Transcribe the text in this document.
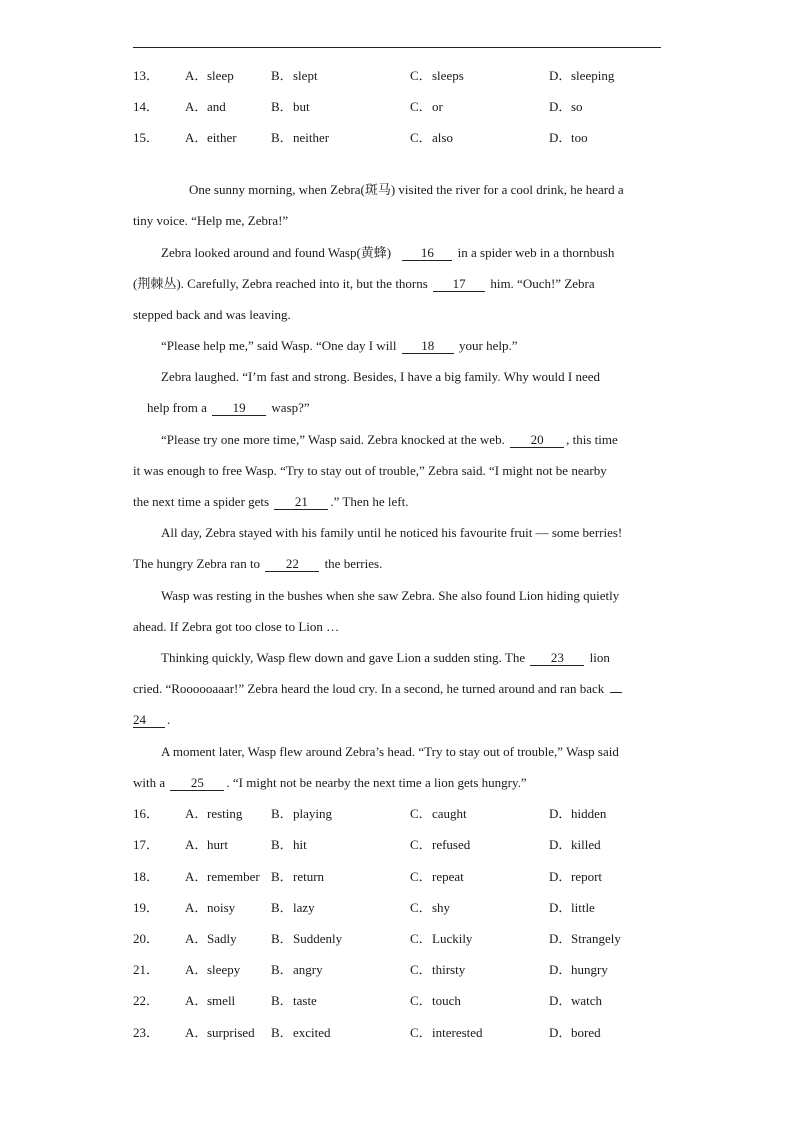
13． A．sleep	B．slept	C．sleeps	D．sleeping
14． A．and	B．but	C．or	D．so
15． A．either	B．neither	C．also	D．too
One sunny morning, when Zebra(斑马) visited the river for a cool drink, he heard a
tiny voice. “Help me, Zebra!”
Zebra looked around and found Wasp(黄蜂) 16 in a spider web in a thornbush
(荆棘丛). Carefully, Zebra reached into it, but the thorns 17 him. “Ouch!” Zebra
stepped back and was leaving.
“Please help me,” said Wasp. “One day I will 18 your help.”
Zebra laughed. “I’m fast and strong. Besides, I have a big family. Why would I need
help from a 19 wasp?”
“Please try one more time,” Wasp said. Zebra knocked at the web. 20 , this time
it was enough to free Wasp. “Try to stay out of trouble,” Zebra said. “I might not be nearby
the next time a spider gets 21 .” Then he left.
All day, Zebra stayed with his family until he noticed his favourite fruit — some berries!
The hungry Zebra ran to 22 the berries.
Wasp was resting in the bushes when she saw Zebra. She also found Lion hiding quietly
ahead. If Zebra got too close to Lion …
Thinking quickly, Wasp flew down and gave Lion a sudden sting. The 23 lion
cried. “Roooooaaar!” Zebra heard the loud cry. In a second, he turned around and ran back
24 .
A moment later, Wasp flew around Zebra’s head. “Try to stay out of trouble,” Wasp said
with a 25 . “I might not be nearby the next time a lion gets hungry.”
16． A．resting B．playing	C．caught	D．hidden
17． A．hurt	B．hit	C．refused	D．killed
18． A．remember B．return	C．repeat	D．report
19． A．noisy	B．lazy	C．shy	D．little
20． A．Sadly	B．Suddenly	C．Luckily	D．Strangely
21． A．sleepy B．angry	C．thirsty	D．hungry
22． A．smell	B．taste	C．touch	D．watch
23． A．surprised B．excited	C．interested	D．bored
